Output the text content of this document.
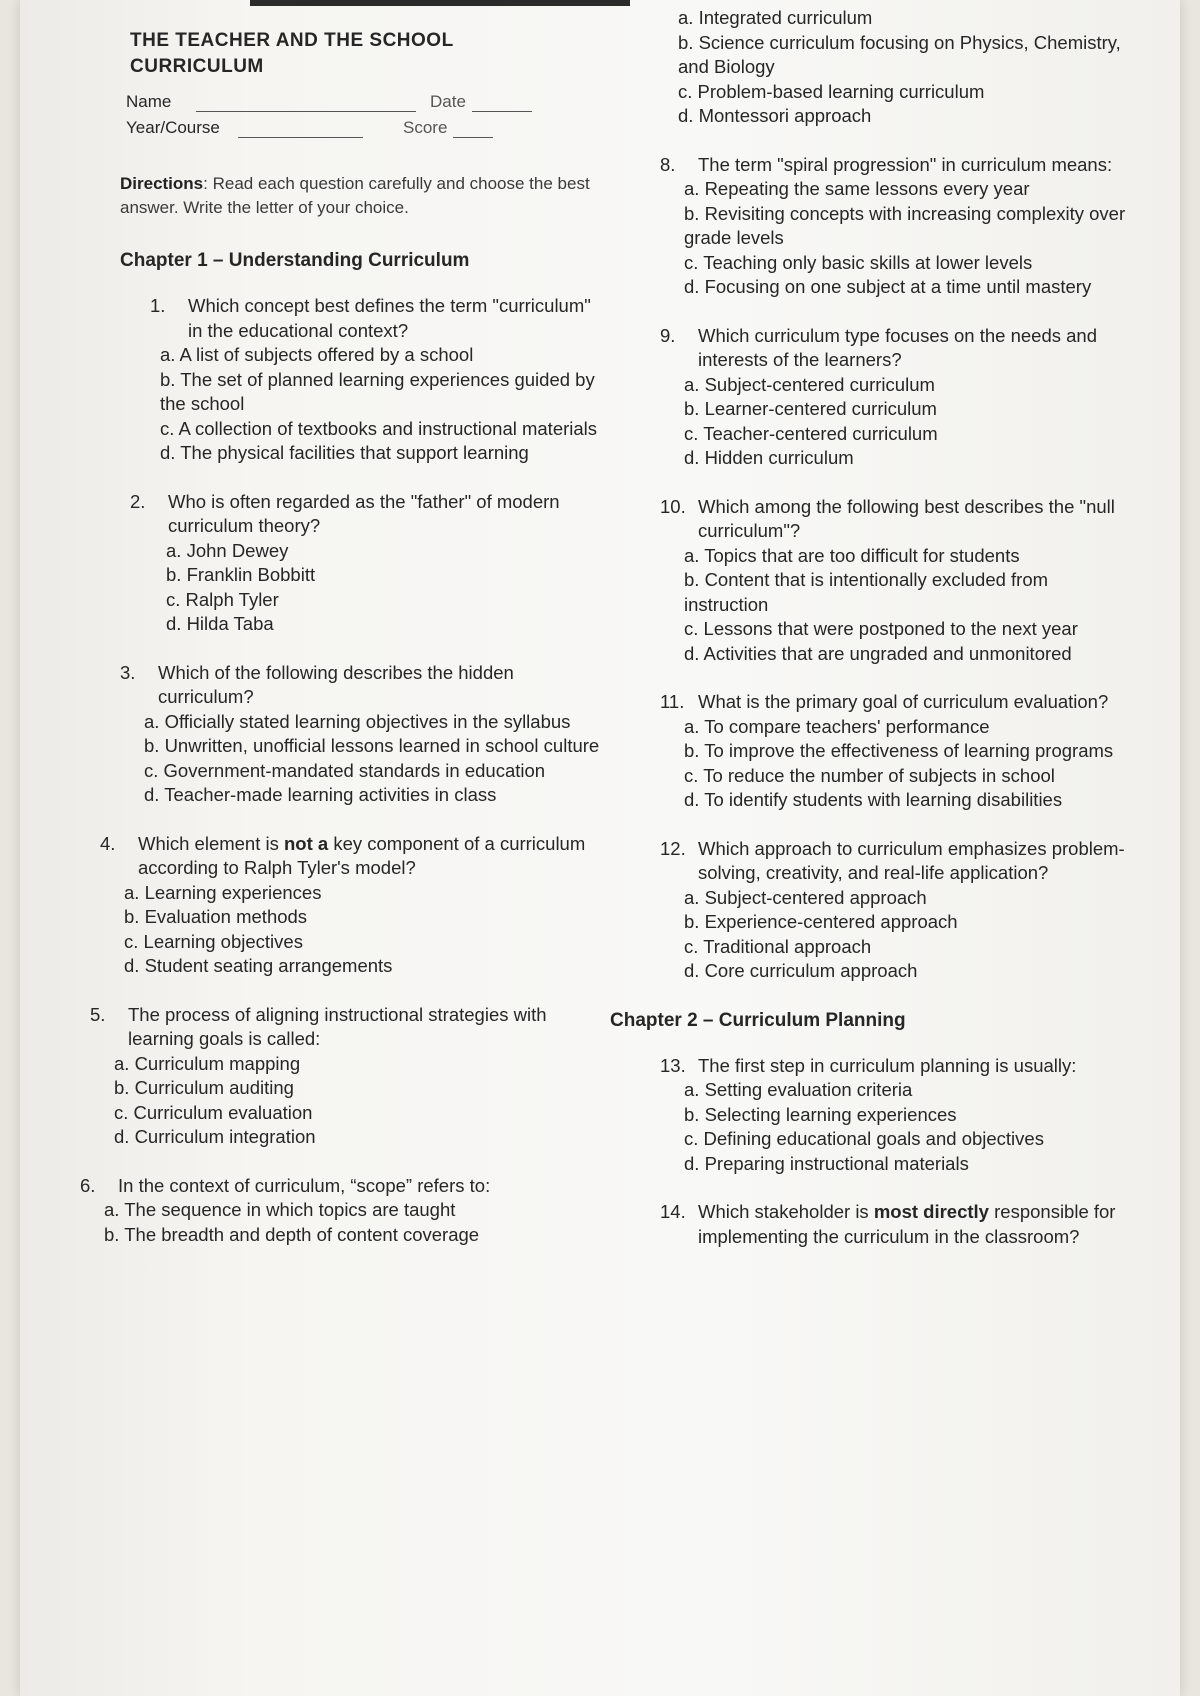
THE TEACHER AND THE SCHOOL
CURRICULUM
Name	Date
Year/Course	Score
Directions: Read each question carefully and choose the best answer. Write the letter of your choice.
Chapter 1 – Understanding Curriculum
1.	Which concept best defines the term "curriculum" in the educational context?
a. A list of subjects offered by a school
b. The set of planned learning experiences guided by the school
c. A collection of textbooks and instructional materials
d. The physical facilities that support learning
2.	Who is often regarded as the "father" of modern curriculum theory?
a. John Dewey
b. Franklin Bobbitt
c. Ralph Tyler
d. Hilda Taba
3.	Which of the following describes the hidden curriculum?
a. Officially stated learning objectives in the syllabus
b. Unwritten, unofficial lessons learned in school culture
c. Government-mandated standards in education
d. Teacher-made learning activities in class
4.	Which element is not a key component of a curriculum according to Ralph Tyler's model?
a. Learning experiences
b. Evaluation methods
c. Learning objectives
d. Student seating arrangements
5.	The process of aligning instructional strategies with learning goals is called:
a. Curriculum mapping
b. Curriculum auditing
c. Curriculum evaluation
d. Curriculum integration
6.	In the context of curriculum, “scope” refers to:
a. The sequence in which topics are taught
b. The breadth and depth of content coverage
a. Integrated curriculum
b. Science curriculum focusing on Physics, Chemistry, and Biology
c. Problem-based learning curriculum
d. Montessori approach
8.	The term "spiral progression" in curriculum means:
a. Repeating the same lessons every year
b. Revisiting concepts with increasing complexity over grade levels
c. Teaching only basic skills at lower levels
d. Focusing on one subject at a time until mastery
9.	Which curriculum type focuses on the needs and interests of the learners?
a. Subject-centered curriculum
b. Learner-centered curriculum
c. Teacher-centered curriculum
d. Hidden curriculum
10. Which among the following best describes the "null curriculum"?
a. Topics that are too difficult for students
b. Content that is intentionally excluded from instruction
c. Lessons that were postponed to the next year
d. Activities that are ungraded and unmonitored
11. What is the primary goal of curriculum evaluation?
a. To compare teachers' performance
b. To improve the effectiveness of learning programs
c. To reduce the number of subjects in school
d. To identify students with learning disabilities
12. Which approach to curriculum emphasizes problem-solving, creativity, and real-life application?
a. Subject-centered approach
b. Experience-centered approach
c. Traditional approach
d. Core curriculum approach
Chapter 2 – Curriculum Planning
13. The first step in curriculum planning is usually:
a. Setting evaluation criteria
b. Selecting learning experiences
c. Defining educational goals and objectives
d. Preparing instructional materials
14. Which stakeholder is most directly responsible for implementing the curriculum in the classroom?
